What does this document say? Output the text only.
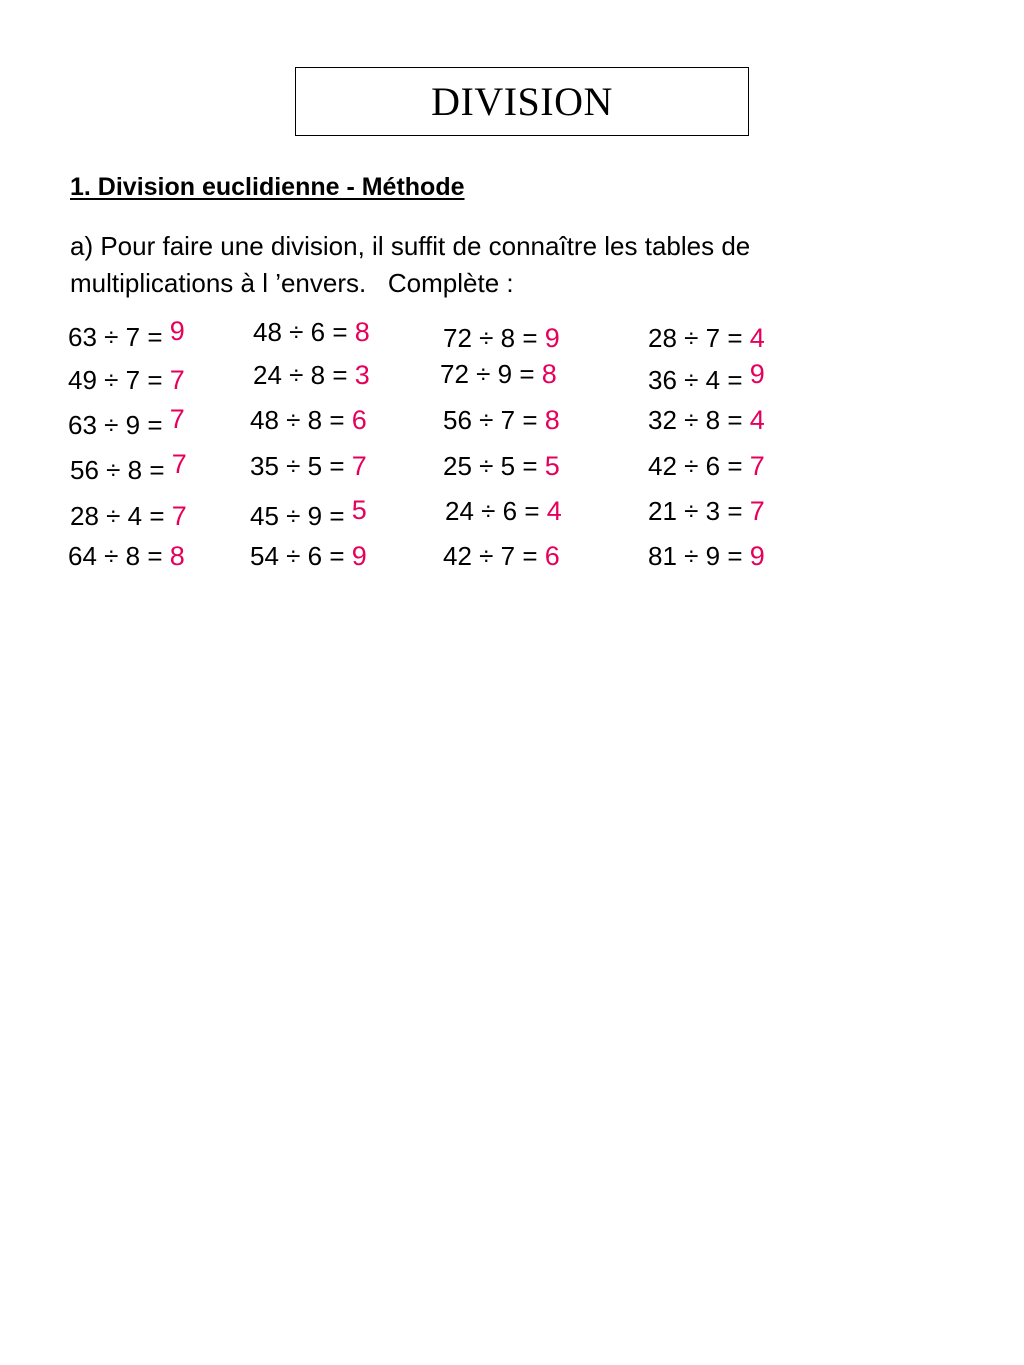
DIVISION
1. Division euclidienne - Méthode
a) Pour faire une division, il suffit de connaître les tables de
multiplications à l ’envers.   Complète :
63 ÷ 7 = 9
49 ÷ 7 = 7
63 ÷ 9 = 7
56 ÷ 8 = 7
28 ÷ 4 = 7
64 ÷ 8 = 8
48 ÷ 6 = 8
24 ÷ 8 = 3
48 ÷ 8 = 6
35 ÷ 5 = 7
45 ÷ 9 = 5
54 ÷ 6 = 9
72 ÷ 8 = 9
72 ÷ 9 = 8
56 ÷ 7 = 8
25 ÷ 5 = 5
24 ÷ 6 = 4
42 ÷ 7 = 6
28 ÷ 7 = 4
36 ÷ 4 = 9
32 ÷ 8 = 4
42 ÷ 6 = 7
21 ÷ 3 = 7
81 ÷ 9 = 9
